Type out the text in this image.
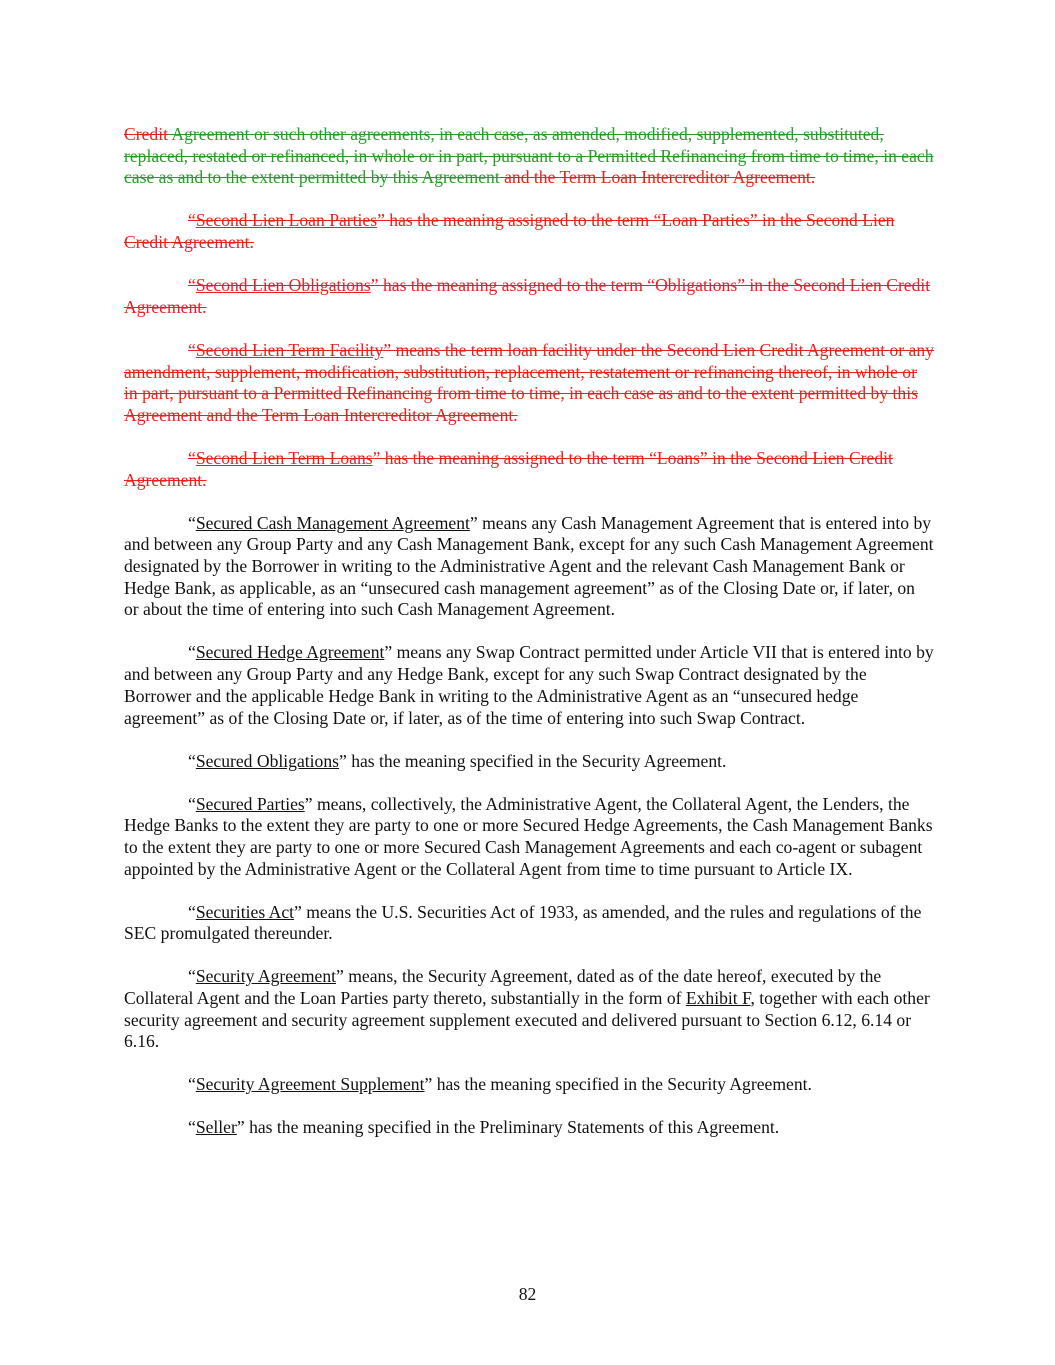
Credit Agreement or such other agreements, in each case, as amended, modified, supplemented, substituted, replaced, restated or refinanced, in whole or in part, pursuant to a Permitted Refinancing from time to time, in each case as and to the extent permitted by this Agreement and the Term Loan Intercreditor Agreement.

“Second Lien Loan Parties” has the meaning assigned to the term “Loan Parties” in the Second Lien Credit Agreement.

“Second Lien Obligations” has the meaning assigned to the term “Obligations” in the Second Lien Credit Agreement.

“Second Lien Term Facility” means the term loan facility under the Second Lien Credit Agreement or any amendment, supplement, modification, substitution, replacement, restatement or refinancing thereof, in whole or in part, pursuant to a Permitted Refinancing from time to time, in each case as and to the extent permitted by this Agreement and the Term Loan Intercreditor Agreement.

“Second Lien Term Loans” has the meaning assigned to the term “Loans” in the Second Lien Credit Agreement.

“Secured Cash Management Agreement” means any Cash Management Agreement that is entered into by and between any Group Party and any Cash Management Bank, except for any such Cash Management Agreement designated by the Borrower in writing to the Administrative Agent and the relevant Cash Management Bank or Hedge Bank, as applicable, as an “unsecured cash management agreement” as of the Closing Date or, if later, on or about the time of entering into such Cash Management Agreement.

“Secured Hedge Agreement” means any Swap Contract permitted under Article VII that is entered into by and between any Group Party and any Hedge Bank, except for any such Swap Contract designated by the Borrower and the applicable Hedge Bank in writing to the Administrative Agent as an “unsecured hedge agreement” as of the Closing Date or, if later, as of the time of entering into such Swap Contract.

“Secured Obligations” has the meaning specified in the Security Agreement.

“Secured Parties” means, collectively, the Administrative Agent, the Collateral Agent, the Lenders, the Hedge Banks to the extent they are party to one or more Secured Hedge Agreements, the Cash Management Banks to the extent they are party to one or more Secured Cash Management Agreements and each co-agent or subagent appointed by the Administrative Agent or the Collateral Agent from time to time pursuant to Article IX.

“Securities Act” means the U.S. Securities Act of 1933, as amended, and the rules and regulations of the SEC promulgated thereunder.

“Security Agreement” means, the Security Agreement, dated as of the date hereof, executed by the Collateral Agent and the Loan Parties party thereto, substantially in the form of Exhibit F, together with each other security agreement and security agreement supplement executed and delivered pursuant to Section 6.12, 6.14 or 6.16.

“Security Agreement Supplement” has the meaning specified in the Security Agreement.

“Seller” has the meaning specified in the Preliminary Statements of this Agreement.

82
